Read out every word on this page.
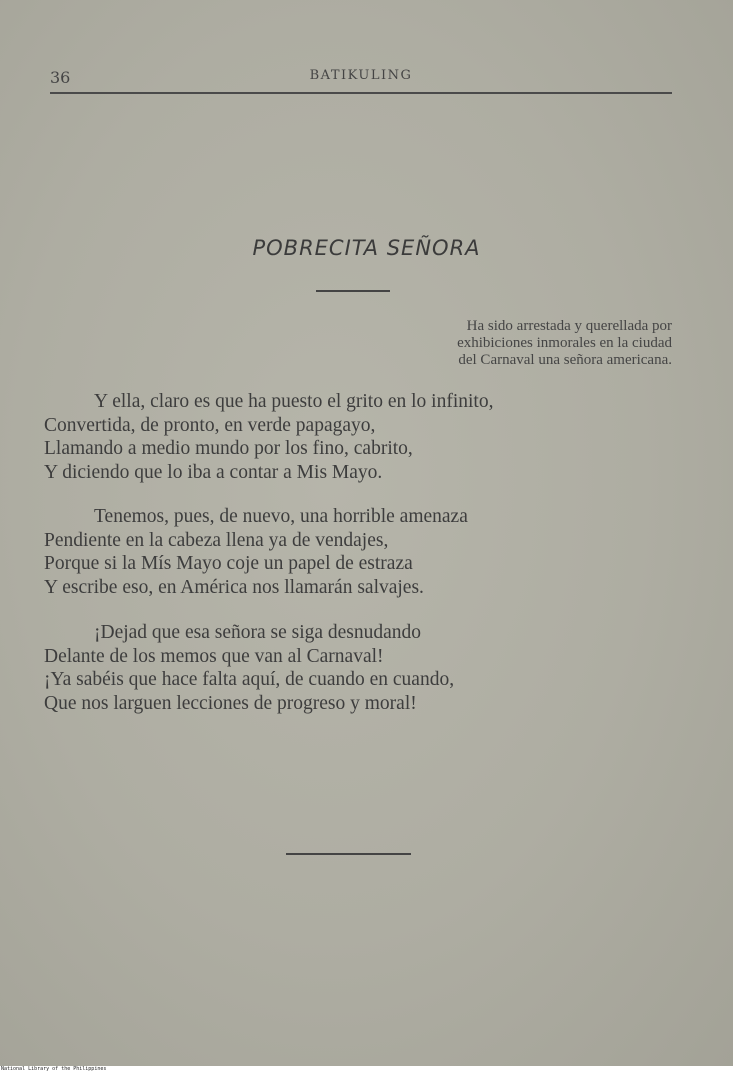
36	BATIKULING
POBRECITA SEÑORA
Ha sido arrestada y querellada por
exhibiciones inmorales en la ciudad
del Carnaval una señora americana.
Y ella, claro es que ha puesto el grito en lo infinito,
Convertida, de pronto, en verde papagayo,
Llamando a medio mundo por los fino, cabrito,
Y diciendo que lo iba a contar a Mis Mayo.
Tenemos, pues, de nuevo, una horrible amenaza
Pendiente en la cabeza llena ya de vendajes,
Porque si la Mís Mayo coje un papel de estraza
Y escribe eso, en América nos llamarán salvajes.
¡Dejad que esa señora se siga desnudando
Delante de los memos que van al Carnaval!
¡Ya sabéis que hace falta aquí, de cuando en cuando,
Que nos larguen lecciones de progreso y moral!
National Library of the Philippines
